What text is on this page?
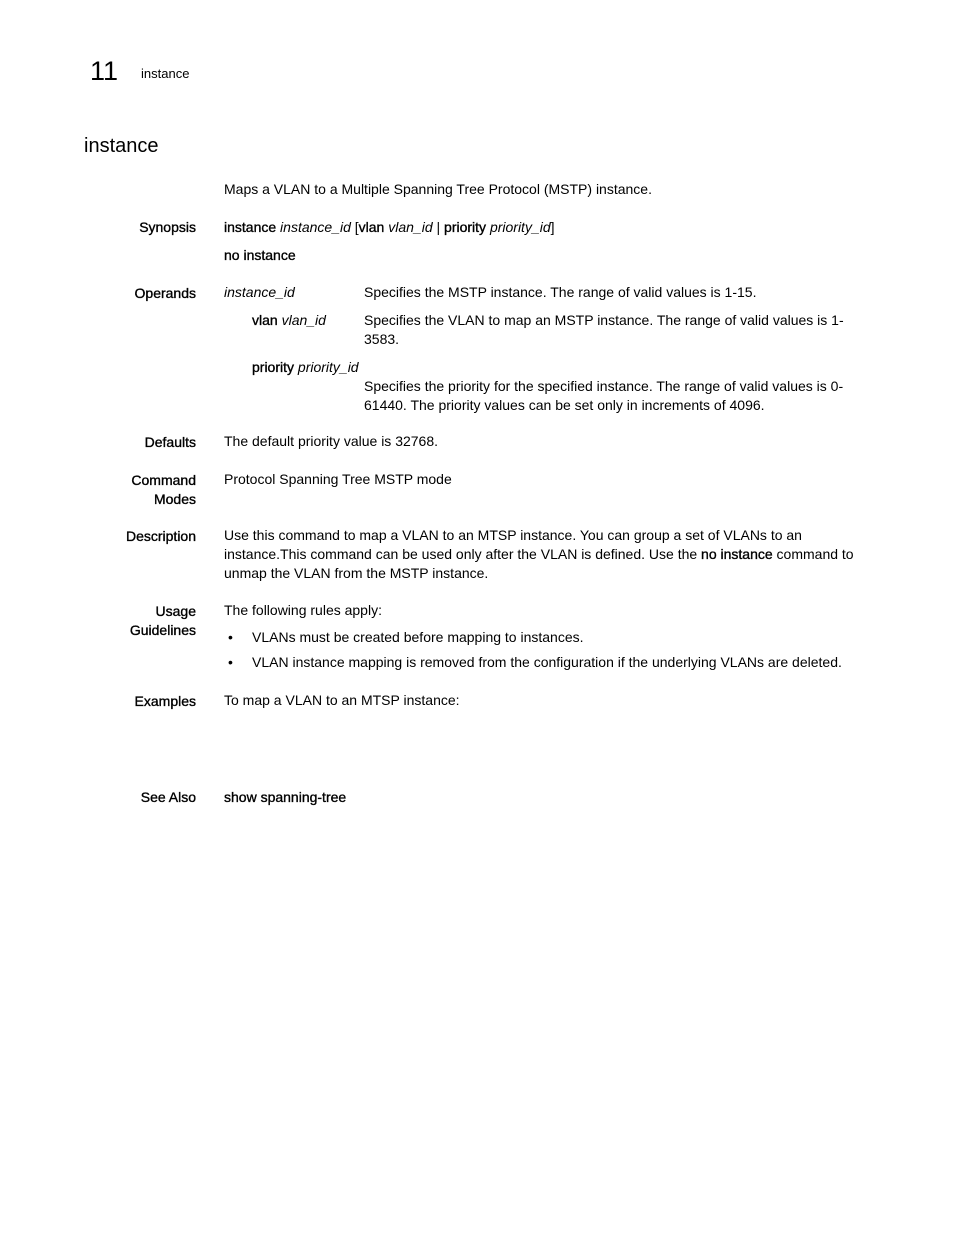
11 instance
instance
Maps a VLAN to a Multiple Spanning Tree Protocol (MSTP) instance.
Synopsis instance instance_id [vlan vlan_id | priority priority_id]
no instance
Operands instance_id	Specifies the MSTP instance. The range of valid values is 1-15.
vlan vlan_id	Specifies the VLAN to map an MSTP instance. The range of valid values is 1-3583.
priority priority_id
Specifies the priority for the specified instance. The range of valid values is 0-61440. The priority values can be set only in increments of 4096.
Defaults The default priority value is 32768.
Command
Modes
Protocol Spanning Tree MSTP mode
Description Use this command to map a VLAN to an MTSP instance. You can group a set of VLANs to an instance.This command can be used only after the VLAN is defined. Use the no instance command to unmap the VLAN from the MSTP instance.
Usage
Guidelines
The following rules apply:
• VLANs must be created before mapping to instances.
• VLAN instance mapping is removed from the configuration if the underlying VLANs are deleted.
Examples To map a VLAN to an MTSP instance:
See Also show spanning-tree
